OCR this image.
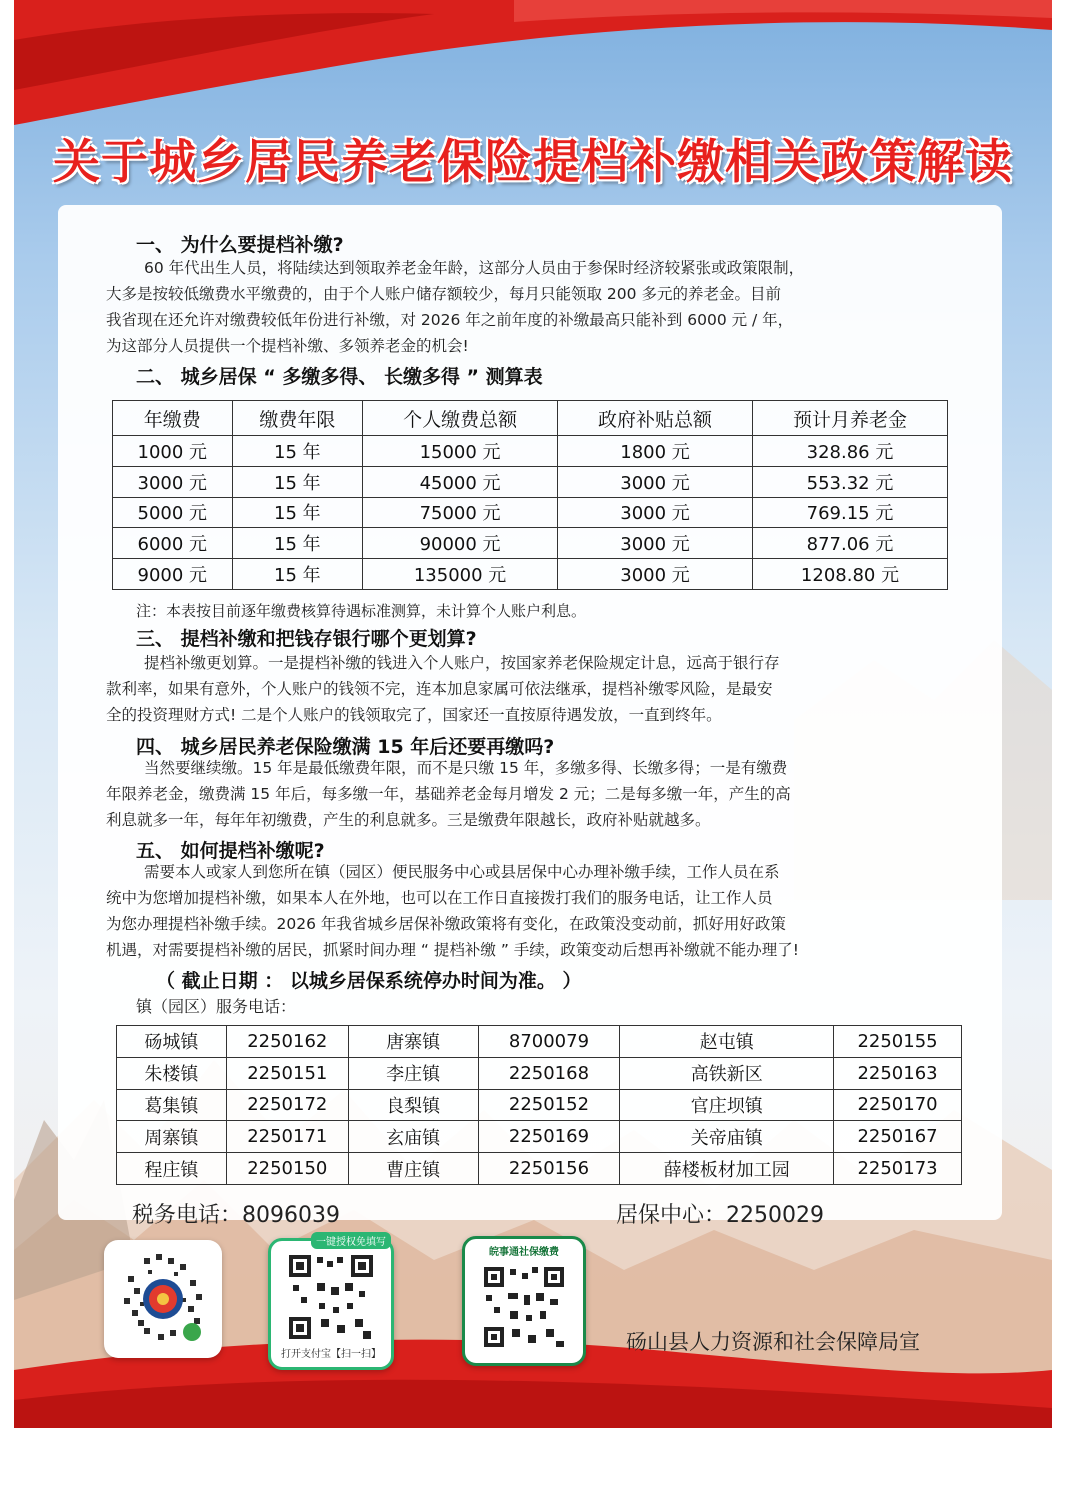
关于城乡居民养老保险提档补缴相关政策解读
一、 为什么要提档补缴?

60 年代出生人员，将陆续达到领取养老金年龄，这部分人员由于参保时经济较紧张或政策限制，

大多是按较低缴费水平缴费的，由于个人账户储存额较少，每月只能领取 200 多元的养老金。目前

我省现在还允许对缴费较低年份进行补缴，对 2026 年之前年度的补缴最高只能补到 6000 元 / 年，

为这部分人员提供一个提档补缴、多领养老金的机会!

二、 城乡居保 “ 多缴多得、 长缴多得 ” 测算表
年缴费	缴费年限	个人缴费总额	政府补贴总额	预计月养老金
1000 元	15 年	15000 元	1800 元	328.86 元
3000 元	15 年	45000 元	3000 元	553.32 元
5000 元	15 年	75000 元	3000 元	769.15 元
6000 元	15 年	90000 元	3000 元	877.06 元
9000 元	15 年	135000 元	3000 元	1208.80 元
注：本表按目前逐年缴费核算待遇标准测算，未计算个人账户利息。
三、 提档补缴和把钱存银行哪个更划算?

提档补缴更划算。一是提档补缴的钱进入个人账户，按国家养老保险规定计息，远高于银行存

款利率，如果有意外，个人账户的钱领不完，连本加息家属可依法继承，提档补缴零风险，是最安

全的投资理财方式! 二是个人账户的钱领取完了，国家还一直按原待遇发放，一直到终年。

四、 城乡居民养老保险缴满 15 年后还要再缴吗?

当然要继续缴。15 年是最低缴费年限，而不是只缴 15 年，多缴多得、长缴多得；一是有缴费

年限养老金，缴费满 15 年后，每多缴一年，基础养老金每月增发 2 元；二是每多缴一年，产生的高

利息就多一年，每年年初缴费，产生的利息就多。三是缴费年限越长，政府补贴就越多。

五、 如何提档补缴呢?

需要本人或家人到您所在镇（园区）便民服务中心或县居保中心办理补缴手续，工作人员在系

统中为您增加提档补缴，如果本人在外地，也可以在工作日直接拨打我们的服务电话，让工作人员

为您办理提档补缴手续。2026 年我省城乡居保补缴政策将有变化，在政策没变动前，抓好用好政策

机遇，对需要提档补缴的居民，抓紧时间办理 “ 提档补缴 ” 手续，政策变动后想再补缴就不能办理了!

（ 截止日期 ： 以城乡居保系统停办时间为准。 ）
镇（园区）服务电话：
砀城镇	2250162	唐寨镇	8700079	赵屯镇	2250155
朱楼镇	2250151	李庄镇	2250168	高铁新区	2250163
葛集镇	2250172	良梨镇	2250152	官庄坝镇	2250170
周寨镇	2250171	玄庙镇	2250169	关帝庙镇	2250167
程庄镇	2250150	曹庄镇	2250156	薛楼板材加工园	2250173
税务电话：8096039	居保中心：2250029
一键授权免填写
打开支付宝【扫一扫】
皖事通社保缴费
砀山县人力资源和社会保障局宣
